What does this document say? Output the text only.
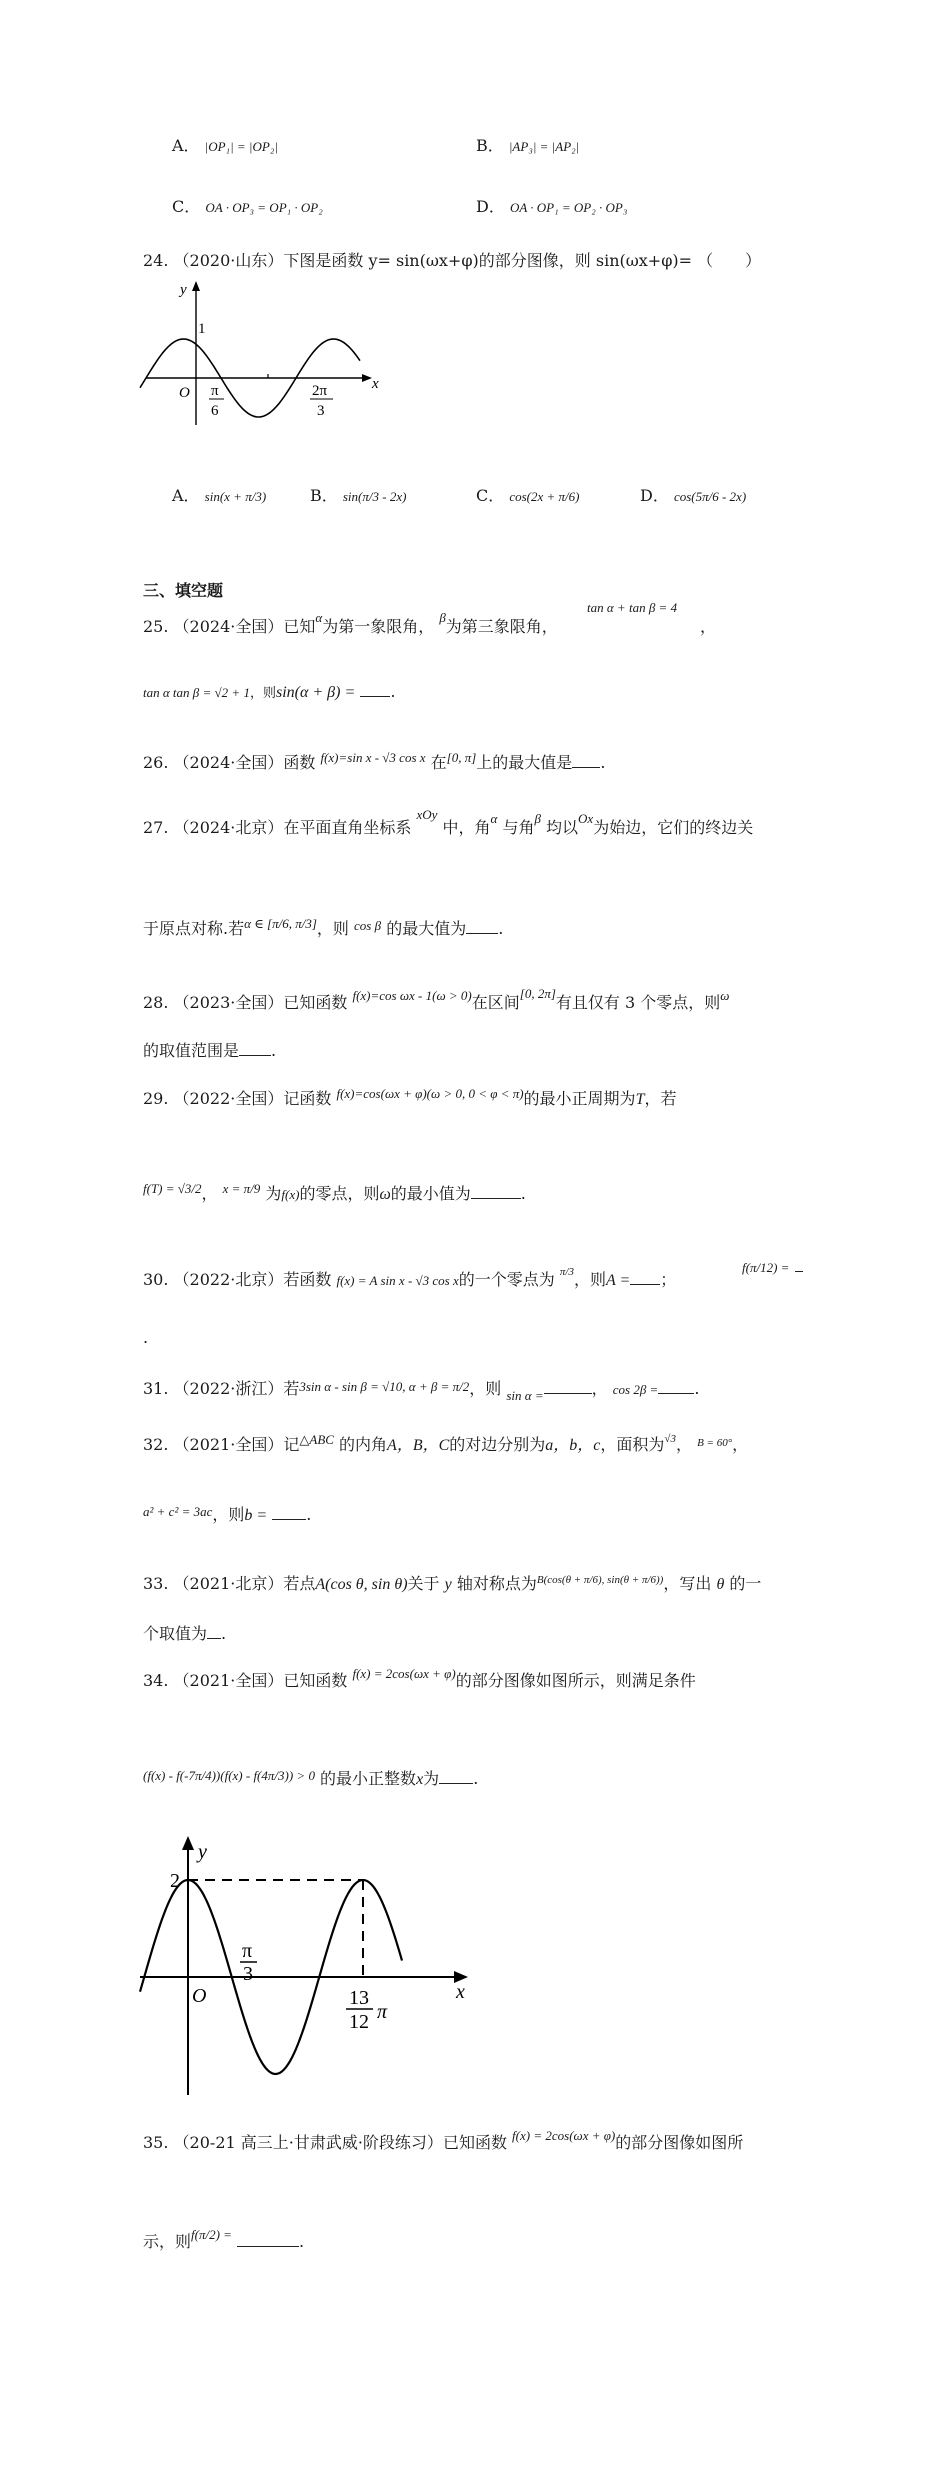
A． |OP₁| = |OP₂|	B． |AP₃| = |AP₂|
C． OA · OP₃ = OP₁ · OP₂	D． OA · OP₁ = OP₂ · OP₃
24. （2020·山东）下图是函数 y= sin(ωx+φ)的部分图像，则 sin(ωx+φ)= （　　）
y
x
O
1
π
6
2π
3
A． sin(x + π/3)	B． sin(π/3 - 2x)	C． cos(2x + π/6)	D． cos(5π/6 - 2x)
三、填空题
25. （2024·全国）已知$^\alpha$为第一象限角， $^\beta$为第三象限角，
tan α + tan β = 4
，
tan α tan β = √2 + 1，则sin(α + β) = .
26. （2024·全国）函数 $^{f(x)=sin x - √3 cos x}$ 在[0, π]上的最大值是 .
27. （2024·北京）在平面直角坐标系 $^{xOy}$ 中，角$^\alpha$ 与角$^\beta$ 均以$^{Ox}$为始边，它们的终边关
于原点对称.若$^{\alpha \in [\pi/6, \pi/3]}$，则 $^{cos \beta}$ 的最大值为 .
28. （2023·全国）已知函数 $^{f(x)=cos \omega x - 1(\omega > 0)}$在区间[0, 2π]有且仅有 3 个零点，则$^\omega$
的取值范围是 .
29. （2022·全国）记函数 $^{f(x)=cos(\omega x + \varphi)(\omega > 0, 0 < \varphi < \pi)}$的最小正周期为T，若
$^{f(T) = √3/2}$， $^{x = \pi/9}$ 为f(x)的零点，则ω的最小值为	.
30. （2022·北京）若函数 f(x) = A sin x - √3 cos x的一个零点为 $^{\pi/3}$，则A = ；
f(π/12) =
.
31. （2022·浙江）若3sin α - sin β = √10, α + β = π/2，则 $_{sin \alpha =}$	， cos 2β = .
32. （2021·全国）记$^{\triangle ABC}$ 的内角A，B，C的对边分别为a，b，c，面积为$^{√3}$， $^{B = 60^\circ}$，
$^{a^2 + c^2 = 3ac}$，则b = .
33. （2021·北京）若点A(cos θ, sin θ)关于 y 轴对称点为$^{B(cos(\theta + \pi/6), sin(\theta + \pi/6))}$，写出 θ 的一
个取值为 .
34. （2021·全国）已知函数 $^{f(x) = 2cos(\omega x + \varphi)}$的部分图像如图所示，则满足条件
$^{(f(x) - f(-7\pi/4))(f(x) - f(4\pi/3)) > 0}$ 的最小正整数x为 .
y
x
O
2
π
3
13
12 π
35. （20-21 高三上·甘肃武威·阶段练习）已知函数 $^{f(x) = 2cos(\omega x + \varphi)}$的部分图像如图所
示，则$^{f(\pi/2) =}$	.
